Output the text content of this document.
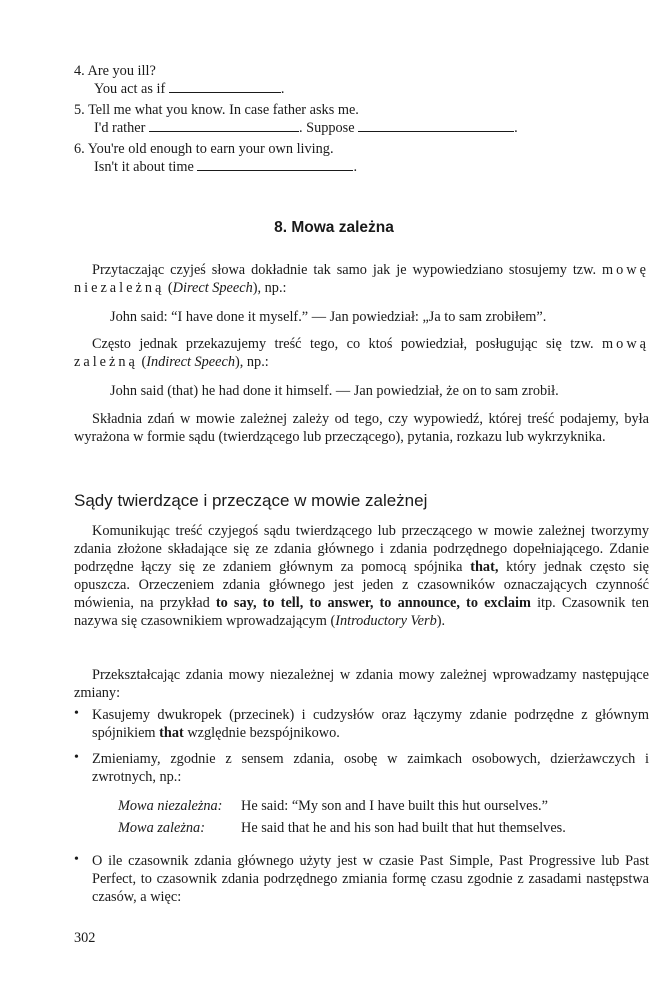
4. Are you ill?
You act as if	.
5. Tell me what you know. In case father asks me.
I'd rather	. Suppose	.
6. You're old enough to earn your own living.
Isn't it about time	.
8. Mowa zależna
Przytaczając czyjeś słowa dokładnie tak samo jak je wypowiedziano stosujemy tzw. mowę niezależną (Direct Speech), np.:
John said: “I have done it myself.” — Jan powiedział: „Ja to sam zrobiłem”.
Często jednak przekazujemy treść tego, co ktoś powiedział, posługując się tzw. mową zależną (Indirect Speech), np.:
John said (that) he had done it himself. — Jan powiedział, że on to sam zrobił.
Składnia zdań w mowie zależnej zależy od tego, czy wypowiedź, której treść podajemy, była wyrażona w formie sądu (twierdzącego lub przeczącego), pytania, rozkazu lub wykrzyknika.
Sądy twierdzące i przeczące w mowie zależnej
Komunikując treść czyjegoś sądu twierdzącego lub przeczącego w mowie zależnej tworzymy zdania złożone składające się ze zdania głównego i zdania podrzędnego dopełniającego. Zdanie podrzędne łączy się ze zdaniem głównym za pomocą spójnika that, który jednak często się opuszcza. Orzeczeniem zdania głównego jest jeden z czasowników oznaczających czynność mówienia, na przykład to say, to tell, to answer, to announce, to exclaim itp. Czasownik ten nazywa się czasownikiem wprowadzającym (Introductory Verb).
Przekształcając zdania mowy niezależnej w zdania mowy zależnej wprowadzamy następujące zmiany:
• Kasujemy dwukropek (przecinek) i cudzysłów oraz łączymy zdanie podrzędne z głównym spójnikiem that względnie bezspójnikowo.
• Zmieniamy, zgodnie z sensem zdania, osobę w zaimkach osobowych, dzierżawczych i zwrotnych, np.:
Mowa niezależna: He said: “My son and I have built this hut ourselves.”
Mowa zależna:	He said that he and his son had built that hut themselves.
• O ile czasownik zdania głównego użyty jest w czasie Past Simple, Past Progressive lub Past Perfect, to czasownik zdania podrzędnego zmiania formę czasu zgodnie z zasadami następstwa czasów, a więc:
302
